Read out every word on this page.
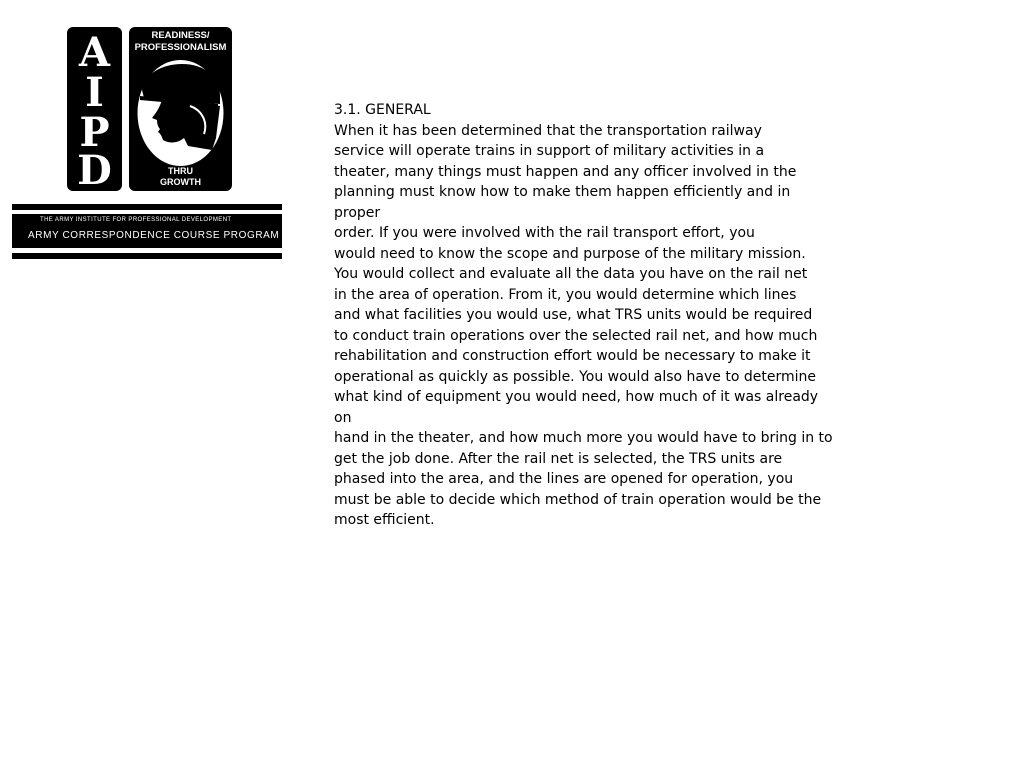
A
I
P
D
READINESS/
PROFESSIONALISM
THRU
GROWTH
THE ARMY INSTITUTE FOR PROFESSIONAL DEVELOPMENT
ARMY CORRESPONDENCE COURSE PROGRAM
3.1. GENERAL
When it has been determined that the transportation railway
service will operate trains in support of military activities in a
theater, many things must happen and any officer involved in the
planning must know how to make them happen efficiently and in
proper
order. If you were involved with the rail transport effort, you
would need to know the scope and purpose of the military mission.
You would collect and evaluate all the data you have on the rail net
in the area of operation. From it, you would determine which lines
and what facilities you would use, what TRS units would be required
to conduct train operations over the selected rail net, and how much
rehabilitation and construction effort would be necessary to make it
operational as quickly as possible. You would also have to determine
what kind of equipment you would need, how much of it was already
on
hand in the theater, and how much more you would have to bring in to
get the job done. After the rail net is selected, the TRS units are
phased into the area, and the lines are opened for operation, you
must be able to decide which method of train operation would be the
most efficient.
